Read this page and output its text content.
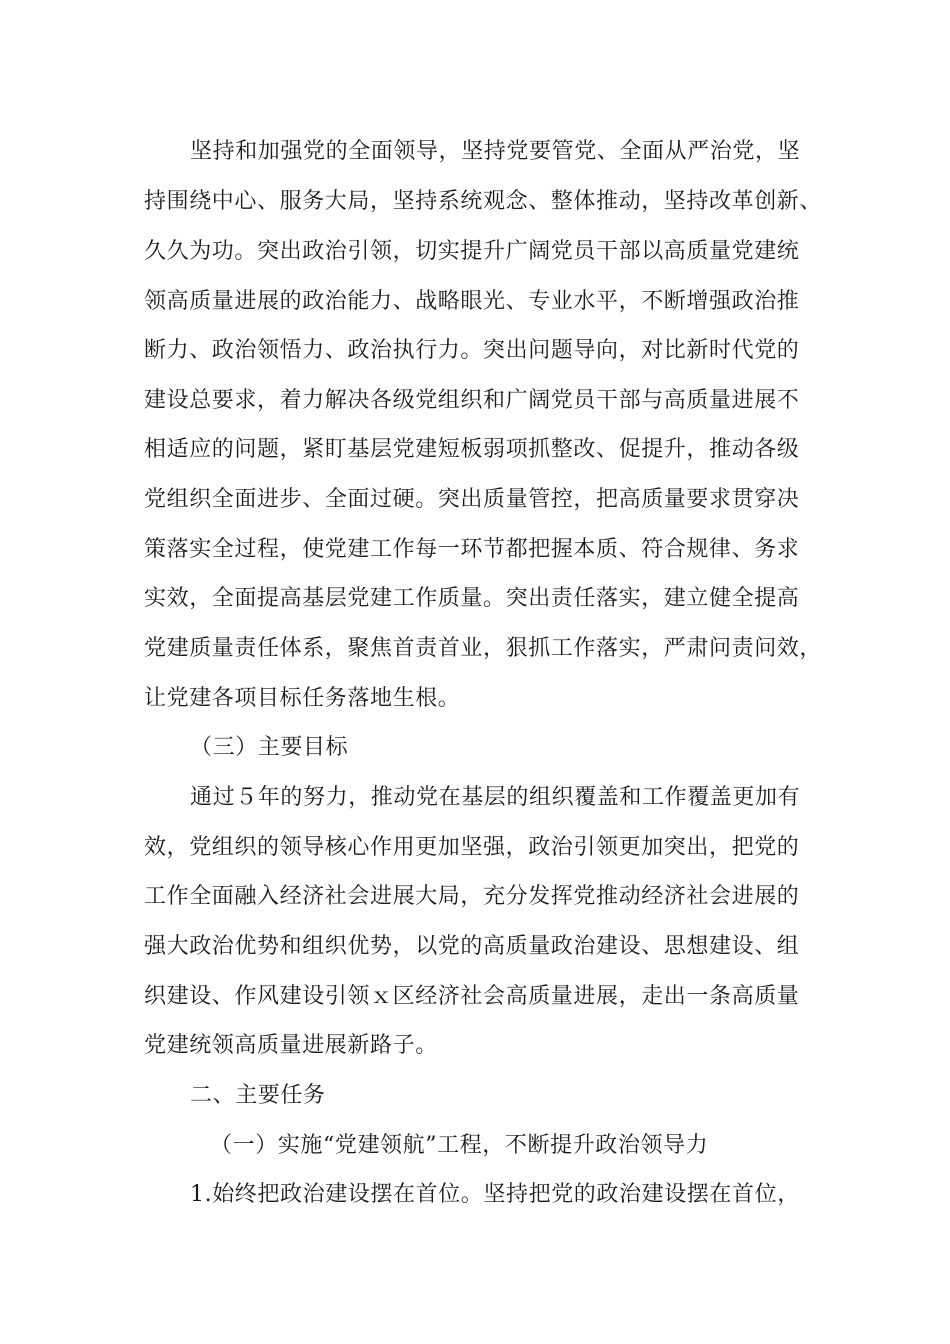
坚持和加强党的全面领导，坚持党要管党、全面从严治党，坚
持围绕中心、服务大局，坚持系统观念、整体推动，坚持改革创新、
久久为功。突出政治引领，切实提升广阔党员干部以高质量党建统
领高质量进展的政治能力、战略眼光、专业水平，不断增强政治推
断力、政治领悟力、政治执行力。突出问题导向，对比新时代党的
建设总要求，着力解决各级党组织和广阔党员干部与高质量进展不
相适应的问题，紧盯基层党建短板弱项抓整改、促提升，推动各级
党组织全面进步、全面过硬。突出质量管控，把高质量要求贯穿决
策落实全过程，使党建工作每一环节都把握本质、符合规律、务求
实效，全面提高基层党建工作质量。突出责任落实，建立健全提高
党建质量责任体系，聚焦首责首业，狠抓工作落实，严肃问责问效，
让党建各项目标任务落地生根。
（三）主要目标
通过５年的努力，推动党在基层的组织覆盖和工作覆盖更加有
效，党组织的领导核心作用更加坚强，政治引领更加突出，把党的
工作全面融入经济社会进展大局，充分发挥党推动经济社会进展的
强大政治优势和组织优势，以党的高质量政治建设、思想建设、组
织建设、作风建设引领ｘ区经济社会高质量进展，走出一条高质量
党建统领高质量进展新路子。
二、主要任务
（一）实施“党建领航”工程，不断提升政治领导力
1.始终把政治建设摆在首位。坚持把党的政治建设摆在首位，
